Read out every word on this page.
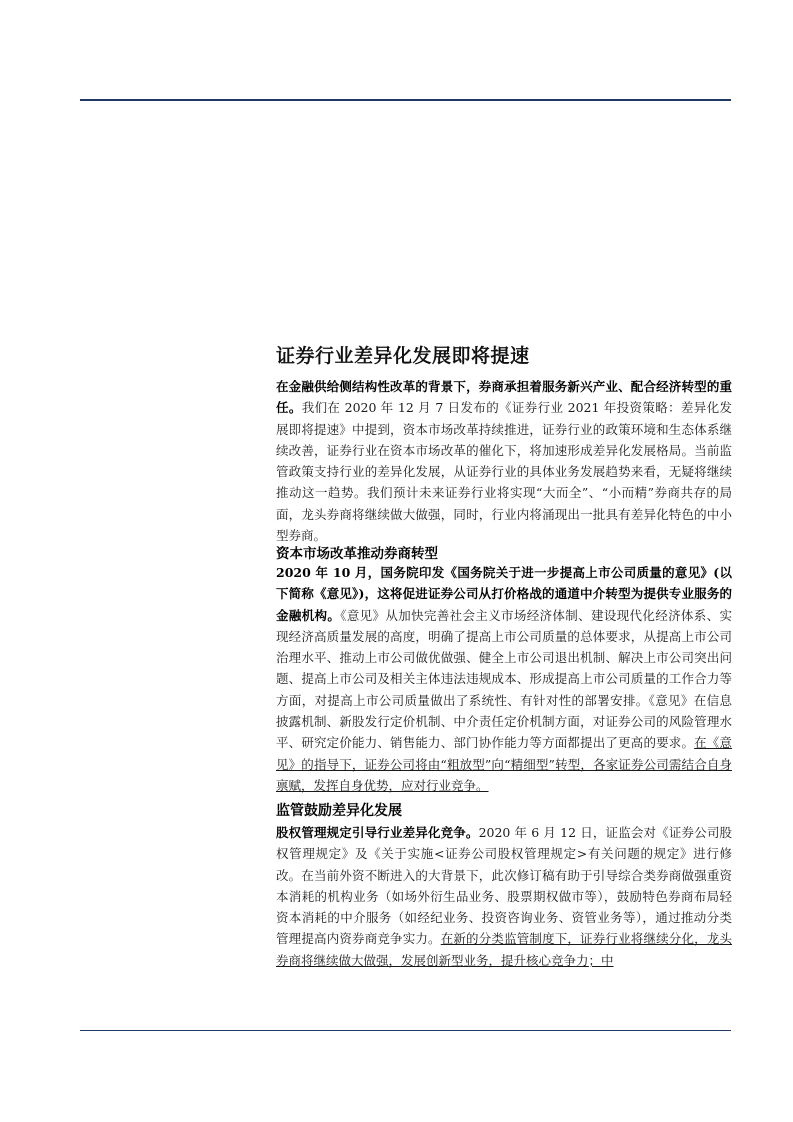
证券行业差异化发展即将提速
在金融供给侧结构性改革的背景下，券商承担着服务新兴产业、配合经济转型的重任。我们在 2020 年 12 月 7 日发布的《证券行业 2021 年投资策略：差异化发展即将提速》中提到，资本市场改革持续推进，证券行业的政策环境和生态体系继续改善，证券行业在资本市场改革的催化下，将加速形成差异化发展格局。当前监管政策支持行业的差异化发展，从证券行业的具体业务发展趋势来看，无疑将继续推动这一趋势。我们预计未来证券行业将实现“大而全”、“小而精”券商共存的局面，龙头券商将继续做大做强，同时，行业内将涌现出一批具有差异化特色的中小型券商。
资本市场改革推动券商转型
2020 年 10 月，国务院印发《国务院关于进一步提高上市公司质量的意见》(以下简称《意见》)，这将促进证券公司从打价格战的通道中介转型为提供专业服务的金融机构。《意见》从加快完善社会主义市场经济体制、建设现代化经济体系、实现经济高质量发展的高度，明确了提高上市公司质量的总体要求，从提高上市公司治理水平、推动上市公司做优做强、健全上市公司退出机制、解决上市公司突出问题、提高上市公司及相关主体违法违规成本、形成提高上市公司质量的工作合力等方面，对提高上市公司质量做出了系统性、有针对性的部署安排。《意见》在信息披露机制、新股发行定价机制、中介责任定价机制方面，对证券公司的风险管理水平、研究定价能力、销售能力、部门协作能力等方面都提出了更高的要求。在《意见》的指导下，证券公司将由“粗放型”向“精细型”转型，各家证券公司需结合自身禀赋，发挥自身优势，应对行业竞争。
监管鼓励差异化发展
股权管理规定引导行业差异化竞争。2020 年 6 月 12 日，证监会对《证券公司股权管理规定》及《关于实施<证券公司股权管理规定>有关问题的规定》进行修改。在当前外资不断进入的大背景下，此次修订稿有助于引导综合类券商做强重资本消耗的机构业务（如场外衍生品业务、股票期权做市等），鼓励特色券商布局轻资本消耗的中介服务（如经纪业务、投资咨询业务、资管业务等），通过推动分类管理提高内资券商竞争实力。在新的分类监管制度下，证券行业将继续分化，龙头券商将继续做大做强，发展创新型业务，提升核心竞争力；中
